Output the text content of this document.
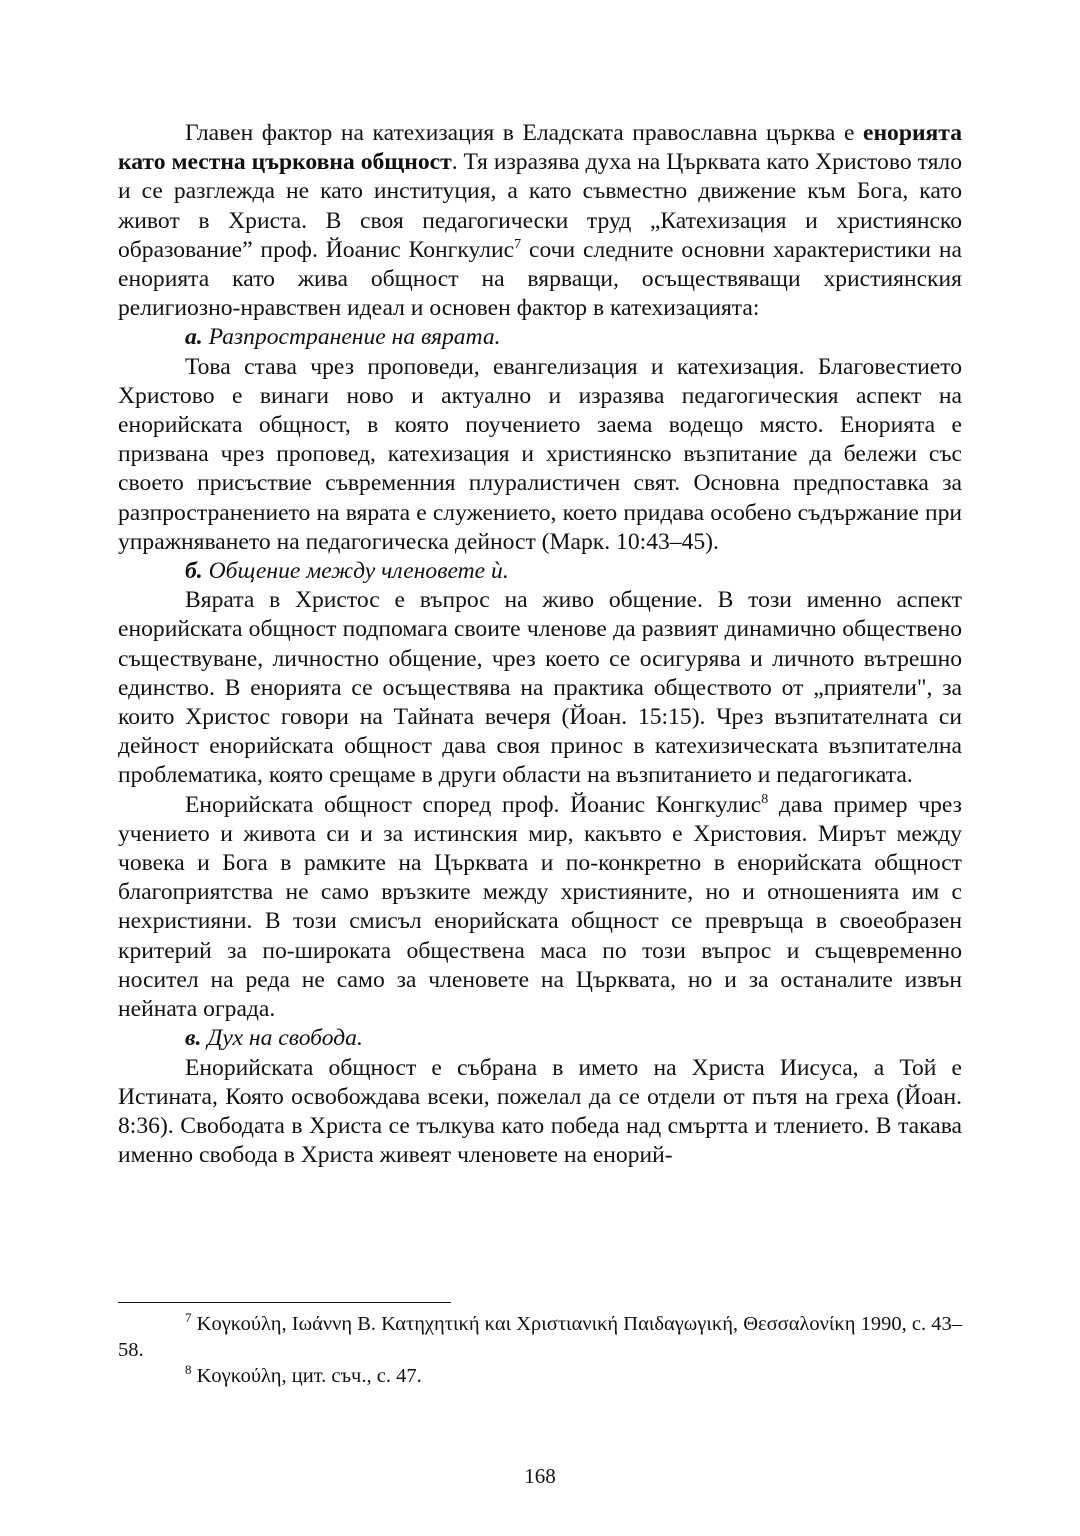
Главен фактор на катехизация в Еладската православна църква е енорията като местна църковна общност. Тя изразява духа на Църквата като Христово тяло и се разглежда не като институция, а като съвместно движение към Бога, като живот в Христа. В своя педагогически труд „Катехизация и християнско образование” проф. Йоанис Конгкулис$^7$ сочи следните основни характеристики на енорията като жива общност на вярващи, осъществяващи християнския религиозно-нравствен идеал и основен фактор в катехизацията:

а. Разпространение на вярата.

Това става чрез проповеди, евангелизация и катехизация. Благовестието Христово е винаги ново и актуално и изразява педагогическия аспект на енорийската общност, в която поучението заема водещо място. Енорията е призвана чрез проповед, катехизация и християнско възпитание да бележи със своето присъствие съвременния плуралистичен свят. Основна предпоставка за разпространението на вярата е служението, което придава особено съдържание при упражняването на педагогическа дейност (Марк. 10:43–45).

б. Общение между членовете ѝ.

Вярата в Христос е въпрос на живо общение. В този именно аспект енорийската общност подпомага своите членове да развият динамично обществено съществуване, личностно общение, чрез което се осигурява и личното вътрешно единство. В енорията се осъществява на практика обществото от „приятели", за които Христос говори на Тайната вечеря (Йоан. 15:15). Чрез възпитателната си дейност енорийската общност дава своя принос в катехизическата възпитателна проблематика, която срещаме в други области на възпитанието и педагогиката.

Енорийската общност според проф. Йоанис Конгкулис$^8$ дава пример чрез учението и живота си и за истинския мир, какъвто е Христовия. Мирът между човека и Бога в рамките на Църквата и по-конкретно в енорийската общност благоприятства не само връзките между християните, но и отношенията им с нехристияни. В този смисъл енорийската общност се превръща в своеобразен критерий за по-широката обществена маса по този въпрос и същевременно носител на реда не само за членовете на Църквата, но и за останалите извън нейната ограда.

в. Дух на свобода.

Енорийската общност е събрана в името на Христа Иисуса, а Той е Истината, Която освобождава всеки, пожелал да се отдели от пътя на греха (Йоан. 8:36). Свободата в Христа се тълкува като победа над смъртта и тлението. В такава именно свобода в Христа живеят членовете на енорий-

$^7$ Κογκούλη, Ιωάννη Β. Κατηχητική και Χριστιανική Παιδαγωγική, Θεσσαλονίκη 1990, с. 43–58.

$^8$ Κογκούλη, цит. съч., с. 47.

168
